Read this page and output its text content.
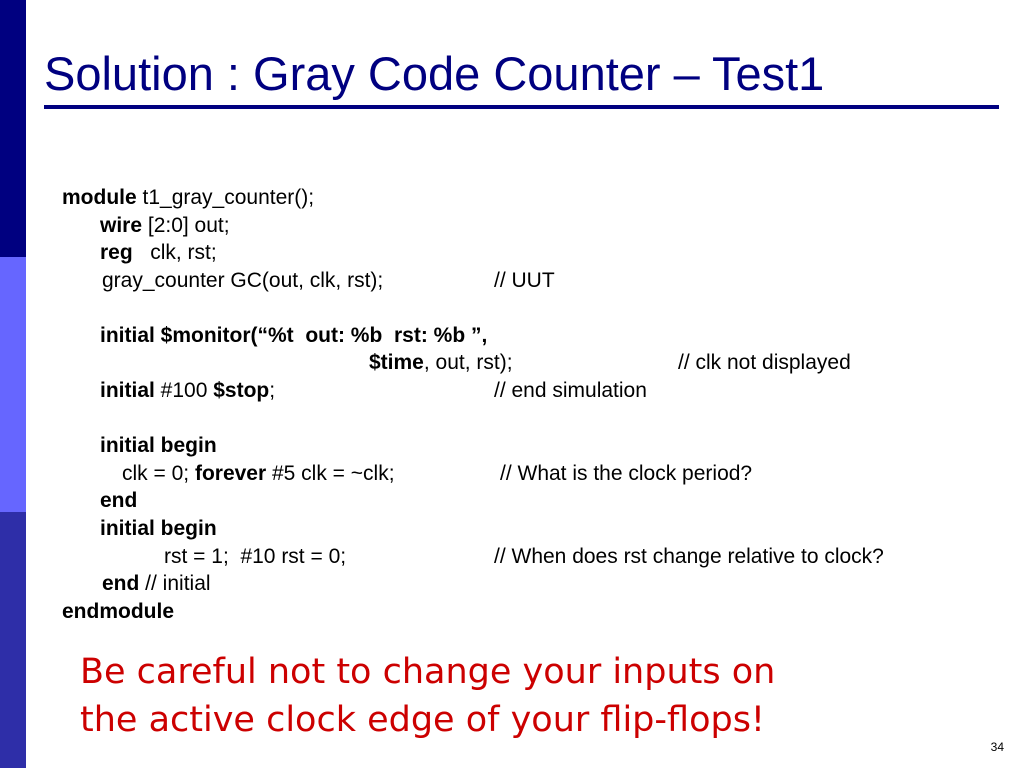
Solution : Gray Code Counter – Test1
module t1_gray_counter();
wire [2:0] out;
reg   clk, rst;
gray_counter GC(out, clk, rst);	// UUT
initial $monitor(“%t  out: %b  rst: %b ”,
$time, out, rst);	// clk not displayed
initial #100 $stop;	// end simulation
initial begin
clk = 0; forever #5 clk = ~clk;	// What is the clock period?
end
initial begin
rst = 1;  #10 rst = 0;	// When does rst change relative to clock?
end // initial
endmodule
Be careful not to change your inputs on
the active clock edge of your flip-flops!
34
